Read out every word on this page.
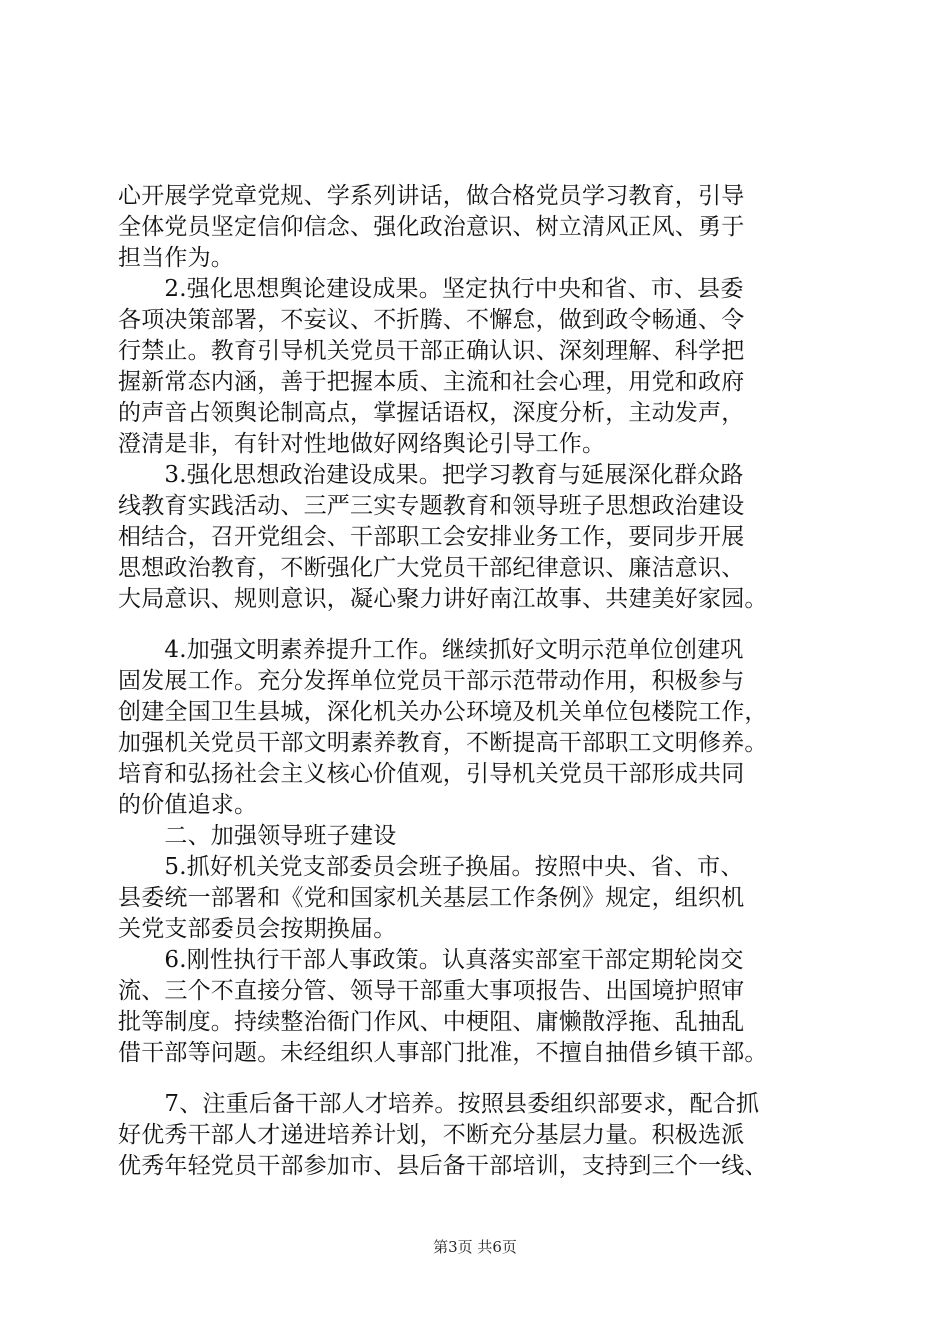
心开展学党章党规、学系列讲话，做合格党员学习教育，引导
全体党员坚定信仰信念、强化政治意识、树立清风正风、勇于
担当作为。
　　2.强化思想舆论建设成果。坚定执行中央和省、市、县委
各项决策部署，不妄议、不折腾、不懈怠，做到政令畅通、令
行禁止。教育引导机关党员干部正确认识、深刻理解、科学把
握新常态内涵，善于把握本质、主流和社会心理，用党和政府
的声音占领舆论制高点，掌握话语权，深度分析，主动发声，
澄清是非，有针对性地做好网络舆论引导工作。
　　3.强化思想政治建设成果。把学习教育与延展深化群众路
线教育实践活动、三严三实专题教育和领导班子思想政治建设
相结合，召开党组会、干部职工会安排业务工作，要同步开展
思想政治教育，不断强化广大党员干部纪律意识、廉洁意识、
大局意识、规则意识，凝心聚力讲好南江故事、共建美好家园。
　　4.加强文明素养提升工作。继续抓好文明示范单位创建巩
固发展工作。充分发挥单位党员干部示范带动作用，积极参与
创建全国卫生县城，深化机关办公环境及机关单位包楼院工作，
加强机关党员干部文明素养教育，不断提高干部职工文明修养。
培育和弘扬社会主义核心价值观，引导机关党员干部形成共同
的价值追求。
　　二、加强领导班子建设
　　5.抓好机关党支部委员会班子换届。按照中央、省、市、
县委统一部署和《党和国家机关基层工作条例》规定，组织机
关党支部委员会按期换届。
　　6.刚性执行干部人事政策。认真落实部室干部定期轮岗交
流、三个不直接分管、领导干部重大事项报告、出国境护照审
批等制度。持续整治衙门作风、中梗阻、庸懒散浮拖、乱抽乱
借干部等问题。未经组织人事部门批准，不擅自抽借乡镇干部。
　　7、注重后备干部人才培养。按照县委组织部要求，配合抓
好优秀干部人才递进培养计划，不断充分基层力量。积极选派
优秀年轻党员干部参加市、县后备干部培训，支持到三个一线、
第3页 共6页
